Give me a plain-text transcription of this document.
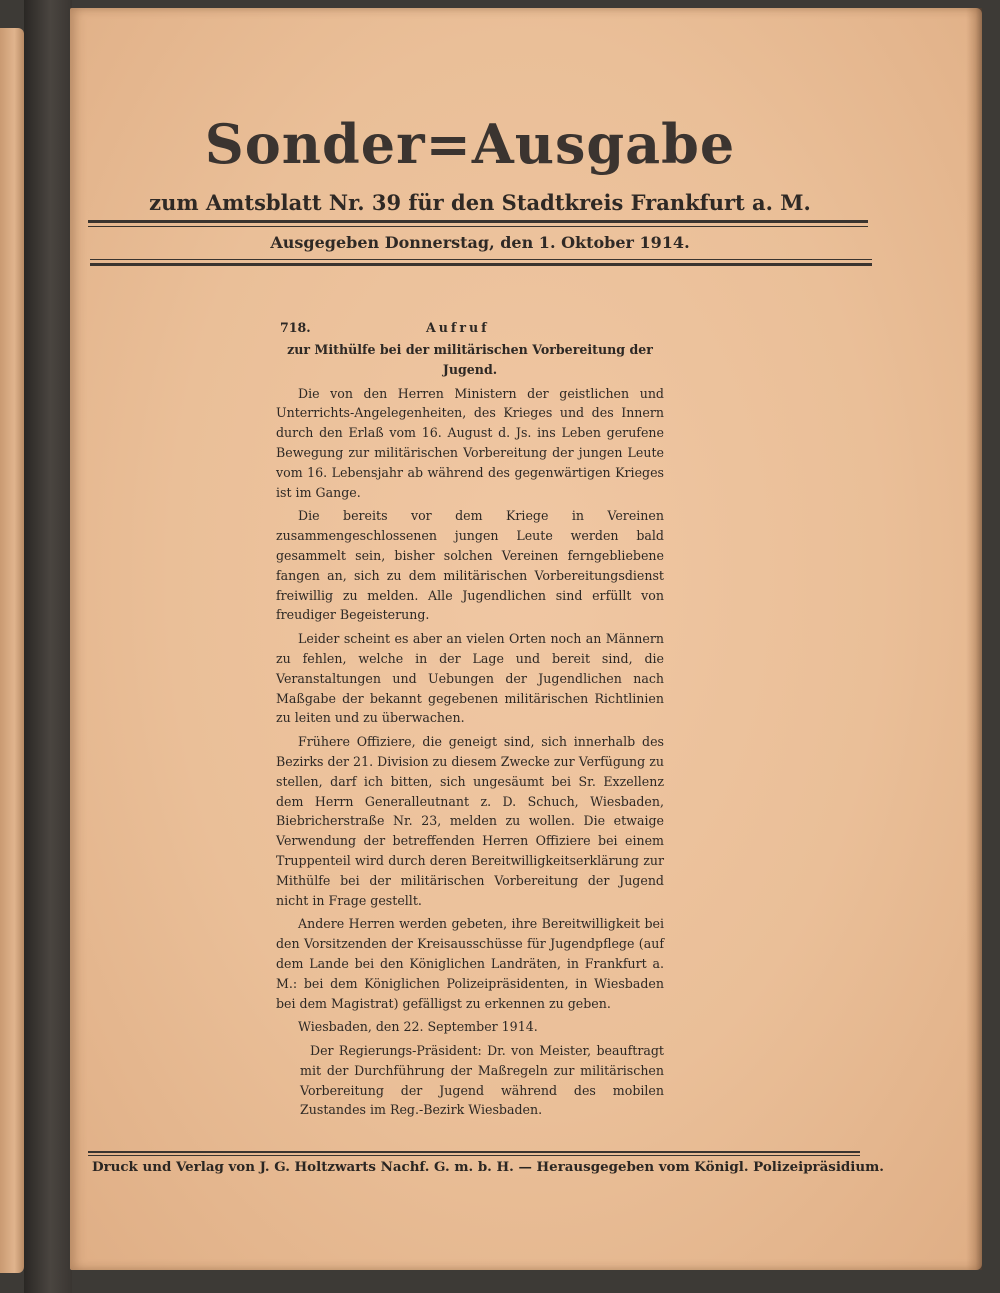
Sonder=Ausgabe
zum Amtsblatt Nr. 39 für den Stadtkreis Frankfurt a. M.
Ausgegeben Donnerstag, den 1. Oktober 1914.
718.	Aufruf
zur Mithülfe bei der militärischen Vorbereitung der Jugend.

Die von den Herren Ministern der geistlichen und Unterrichts-Angelegenheiten, des Krieges und des Innern durch den Erlaß vom 16. August d. Js. ins Leben gerufene Bewegung zur militärischen Vorbereitung der jungen Leute vom 16. Lebensjahr ab während des gegenwärtigen Krieges ist im Gange.

Die bereits vor dem Kriege in Vereinen zusammengeschlossenen jungen Leute werden bald gesammelt sein, bisher solchen Vereinen ferngebliebene fangen an, sich zu dem militärischen Vorbereitungsdienst freiwillig zu melden. Alle Jugendlichen sind erfüllt von freudiger Begeisterung.

Leider scheint es aber an vielen Orten noch an Männern zu fehlen, welche in der Lage und bereit sind, die Veranstaltungen und Uebungen der Jugendlichen nach Maßgabe der bekannt gegebenen militärischen Richtlinien zu leiten und zu überwachen.

Frühere Offiziere, die geneigt sind, sich innerhalb des Bezirks der 21. Division zu diesem Zwecke zur Verfügung zu stellen, darf ich bitten, sich ungesäumt bei Sr. Exzellenz dem Herrn Generalleutnant z. D. Schuch, Wiesbaden, Biebricherstraße Nr. 23, melden zu wollen. Die etwaige Verwendung der betreffenden Herren Offiziere bei einem Truppenteil wird durch deren Bereitwilligkeitserklärung zur Mithülfe bei der militärischen Vorbereitung der Jugend nicht in Frage gestellt.

Andere Herren werden gebeten, ihre Bereitwilligkeit bei den Vorsitzenden der Kreisausschüsse für Jugendpflege (auf dem Lande bei den Königlichen Landräten, in Frankfurt a. M.: bei dem Königlichen Polizeipräsidenten, in Wiesbaden bei dem Magistrat) gefälligst zu erkennen zu geben.

Wiesbaden, den 22. September 1914.

Der Regierungs-Präsident: Dr. von Meister, beauftragt mit der Durchführung der Maßregeln zur militärischen Vorbereitung der Jugend während des mobilen Zustandes im Reg.-Bezirk Wiesbaden.

Druck und Verlag von J. G. Holtzwarts Nachf. G. m. b. H. — Herausgegeben vom Königl. Polizeipräsidium.
